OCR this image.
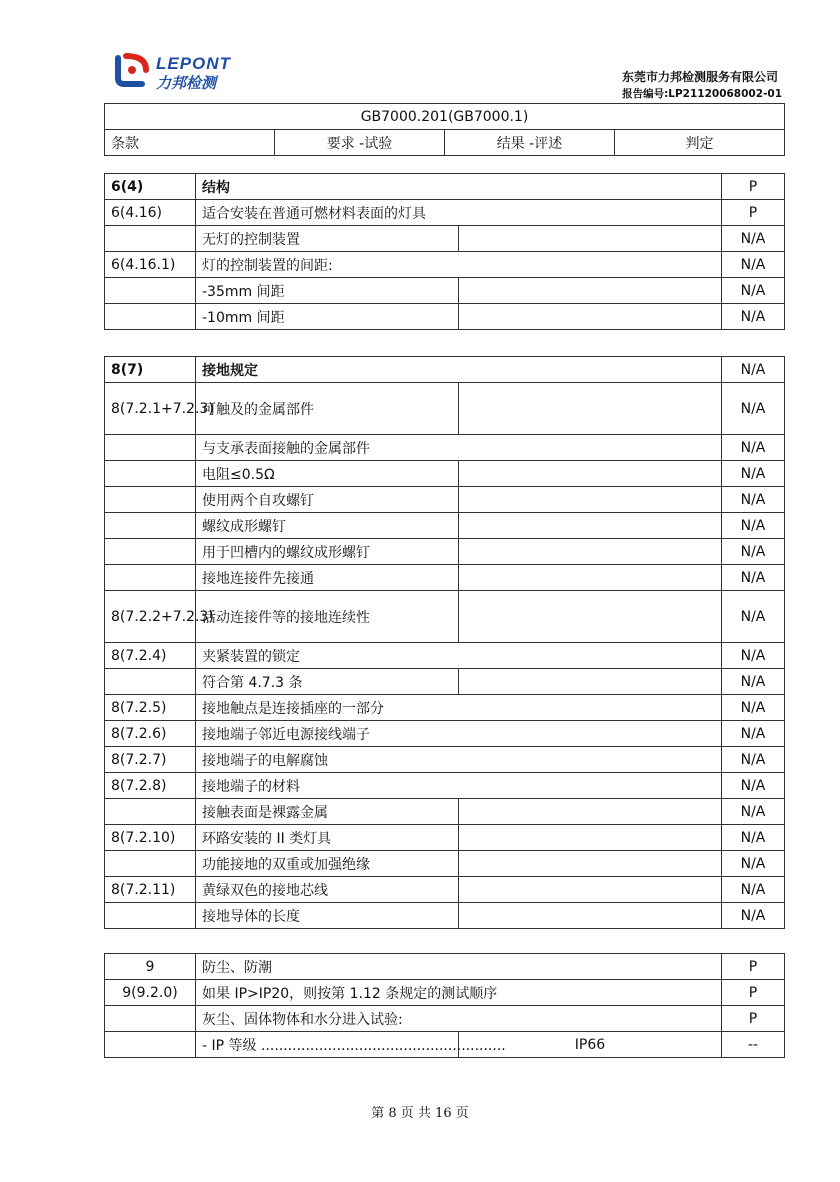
LEPONT
力邦检测	东莞市力邦检测服务有限公司
报告编号:LP21120068002-01
GB7000.201(GB7000.1)
条款	要求 -试验	结果 -评述	判定
6(4)	结构		P
6(4.16)	适合安装在普通可燃材料表面的灯具		P
	无灯的控制装置		N/A
6(4.16.1)	灯的控制装置的间距:		N/A
	-35mm 间距		N/A
	-10mm 间距		N/A
8(7)	接地规定		N/A
8(7.2.1+7.2.3)	可触及的金属部件		N/A
	与支承表面接触的金属部件		N/A
	电阻≤0.5Ω		N/A
	使用两个自攻螺钉		N/A
	螺纹成形螺钉		N/A
	用于凹槽内的螺纹成形螺钉		N/A
	接地连接件先接通		N/A
8(7.2.2+7.2.3)	活动连接件等的接地连续性		N/A
8(7.2.4)	夹紧装置的锁定		N/A
	符合第 4.7.3 条		N/A
8(7.2.5)	接地触点是连接插座的一部分		N/A
8(7.2.6)	接地端子邻近电源接线端子		N/A
8(7.2.7)	接地端子的电解腐蚀		N/A
8(7.2.8)	接地端子的材料		N/A
	接触表面是裸露金属		N/A
8(7.2.10)	环路安装的 II 类灯具		N/A
	功能接地的双重或加强绝缘		N/A
8(7.2.11)	黄绿双色的接地芯线		N/A
	接地导体的长度		N/A
9	防尘、防潮		P
9(9.2.0)	如果 IP>IP20，则按第 1.12 条规定的测试顺序		P
	灰尘、固体物体和水分进入试验:		P
	- IP 等级 .......................................................	IP66	--
第 8 页 共 16 页
